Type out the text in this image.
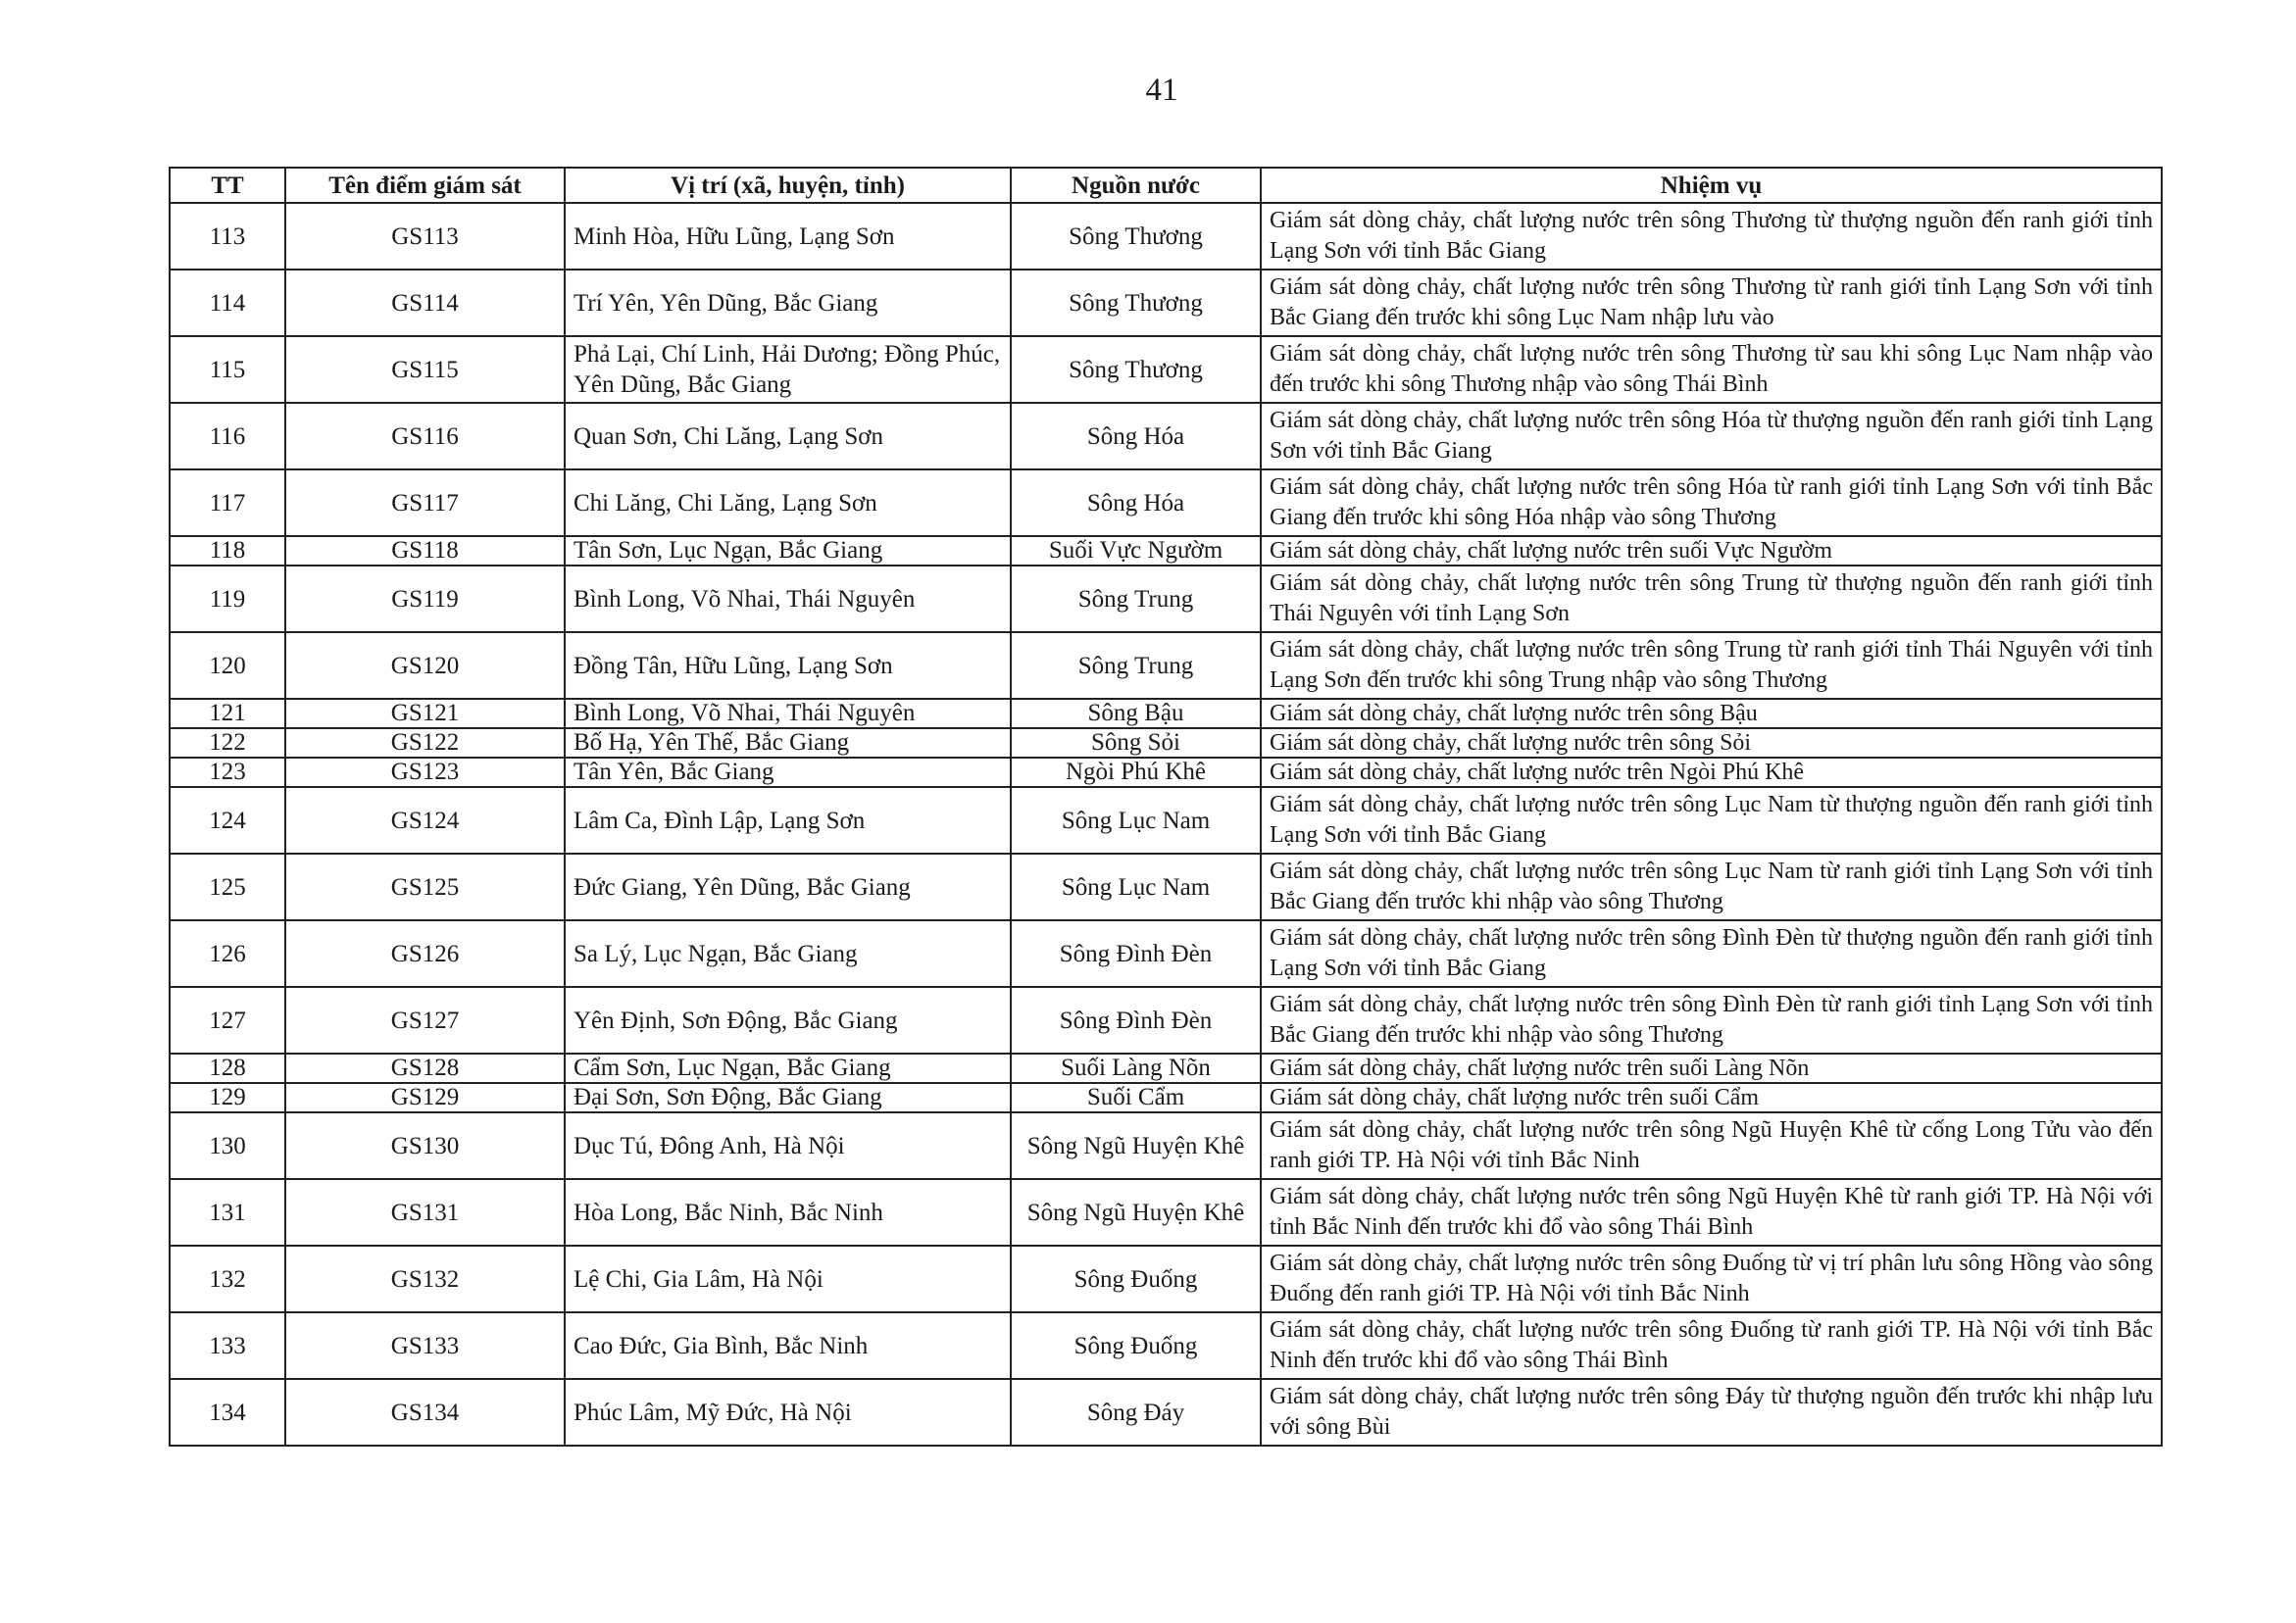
41
TT	Tên điểm giám sát	Vị trí (xã, huyện, tỉnh)	Nguồn nước	Nhiệm vụ
113	GS113	Minh Hòa, Hữu Lũng, Lạng Sơn	Sông Thương	Giám sát dòng chảy, chất lượng nước trên sông Thương từ thượng nguồn đến ranh giới tỉnh Lạng Sơn với tỉnh Bắc Giang
114	GS114	Trí Yên, Yên Dũng, Bắc Giang	Sông Thương	Giám sát dòng chảy, chất lượng nước trên sông Thương từ ranh giới tỉnh Lạng Sơn với tỉnh Bắc Giang đến trước khi sông Lục Nam nhập lưu vào
115	GS115	Phả Lại, Chí Linh, Hải Dương; Đồng Phúc, Yên Dũng, Bắc Giang	Sông Thương	Giám sát dòng chảy, chất lượng nước trên sông Thương từ sau khi sông Lục Nam nhập vào đến trước khi sông Thương nhập vào sông Thái Bình
116	GS116	Quan Sơn, Chi Lăng, Lạng Sơn	Sông Hóa	Giám sát dòng chảy, chất lượng nước trên sông Hóa từ thượng nguồn đến ranh giới tỉnh Lạng Sơn với tỉnh Bắc Giang
117	GS117	Chi Lăng, Chi Lăng, Lạng Sơn	Sông Hóa	Giám sát dòng chảy, chất lượng nước trên sông Hóa từ ranh giới tỉnh Lạng Sơn với tỉnh Bắc Giang đến trước khi sông Hóa nhập vào sông Thương
118	GS118	Tân Sơn, Lục Ngạn, Bắc Giang	Suối Vực Ngườm	Giám sát dòng chảy, chất lượng nước trên suối Vực Ngườm
119	GS119	Bình Long, Võ Nhai, Thái Nguyên	Sông Trung	Giám sát dòng chảy, chất lượng nước trên sông Trung từ thượng nguồn đến ranh giới tỉnh Thái Nguyên với tỉnh Lạng Sơn
120	GS120	Đồng Tân, Hữu Lũng, Lạng Sơn	Sông Trung	Giám sát dòng chảy, chất lượng nước trên sông Trung từ ranh giới tỉnh Thái Nguyên với tỉnh Lạng Sơn đến trước khi sông Trung nhập vào sông Thương
121	GS121	Bình Long, Võ Nhai, Thái Nguyên	Sông Bậu	Giám sát dòng chảy, chất lượng nước trên sông Bậu
122	GS122	Bố Hạ, Yên Thế, Bắc Giang	Sông Sỏi	Giám sát dòng chảy, chất lượng nước trên sông Sỏi
123	GS123	Tân Yên, Bắc Giang	Ngòi Phú Khê	Giám sát dòng chảy, chất lượng nước trên Ngòi Phú Khê
124	GS124	Lâm Ca, Đình Lập, Lạng Sơn	Sông Lục Nam	Giám sát dòng chảy, chất lượng nước trên sông Lục Nam từ thượng nguồn đến ranh giới tỉnh Lạng Sơn với tỉnh Bắc Giang
125	GS125	Đức Giang, Yên Dũng, Bắc Giang	Sông Lục Nam	Giám sát dòng chảy, chất lượng nước trên sông Lục Nam từ ranh giới tỉnh Lạng Sơn với tỉnh Bắc Giang đến trước khi nhập vào sông Thương
126	GS126	Sa Lý, Lục Ngạn, Bắc Giang	Sông Đình Đèn	Giám sát dòng chảy, chất lượng nước trên sông Đình Đèn từ thượng nguồn đến ranh giới tỉnh Lạng Sơn với tỉnh Bắc Giang
127	GS127	Yên Định, Sơn Động, Bắc Giang	Sông Đình Đèn	Giám sát dòng chảy, chất lượng nước trên sông Đình Đèn từ ranh giới tỉnh Lạng Sơn với tỉnh Bắc Giang đến trước khi nhập vào sông Thương
128	GS128	Cẩm Sơn, Lục Ngạn, Bắc Giang	Suối Làng Nõn	Giám sát dòng chảy, chất lượng nước trên suối Làng Nõn
129	GS129	Đại Sơn, Sơn Động, Bắc Giang	Suối Cẩm	Giám sát dòng chảy, chất lượng nước trên suối Cẩm
130	GS130	Dục Tú, Đông Anh, Hà Nội	Sông Ngũ Huyện Khê	Giám sát dòng chảy, chất lượng nước trên sông Ngũ Huyện Khê từ cống Long Tửu vào đến ranh giới TP. Hà Nội với tỉnh Bắc Ninh
131	GS131	Hòa Long, Bắc Ninh, Bắc Ninh	Sông Ngũ Huyện Khê	Giám sát dòng chảy, chất lượng nước trên sông Ngũ Huyện Khê từ ranh giới TP. Hà Nội với tỉnh Bắc Ninh đến trước khi đổ vào sông Thái Bình
132	GS132	Lệ Chi, Gia Lâm, Hà Nội	Sông Đuống	Giám sát dòng chảy, chất lượng nước trên sông Đuống từ vị trí phân lưu sông Hồng vào sông Đuống đến ranh giới TP. Hà Nội với tỉnh Bắc Ninh
133	GS133	Cao Đức, Gia Bình, Bắc Ninh	Sông Đuống	Giám sát dòng chảy, chất lượng nước trên sông Đuống từ ranh giới TP. Hà Nội với tỉnh Bắc Ninh đến trước khi đổ vào sông Thái Bình
134	GS134	Phúc Lâm, Mỹ Đức, Hà Nội	Sông Đáy	Giám sát dòng chảy, chất lượng nước trên sông Đáy từ thượng nguồn đến trước khi nhập lưu với sông Bùi
